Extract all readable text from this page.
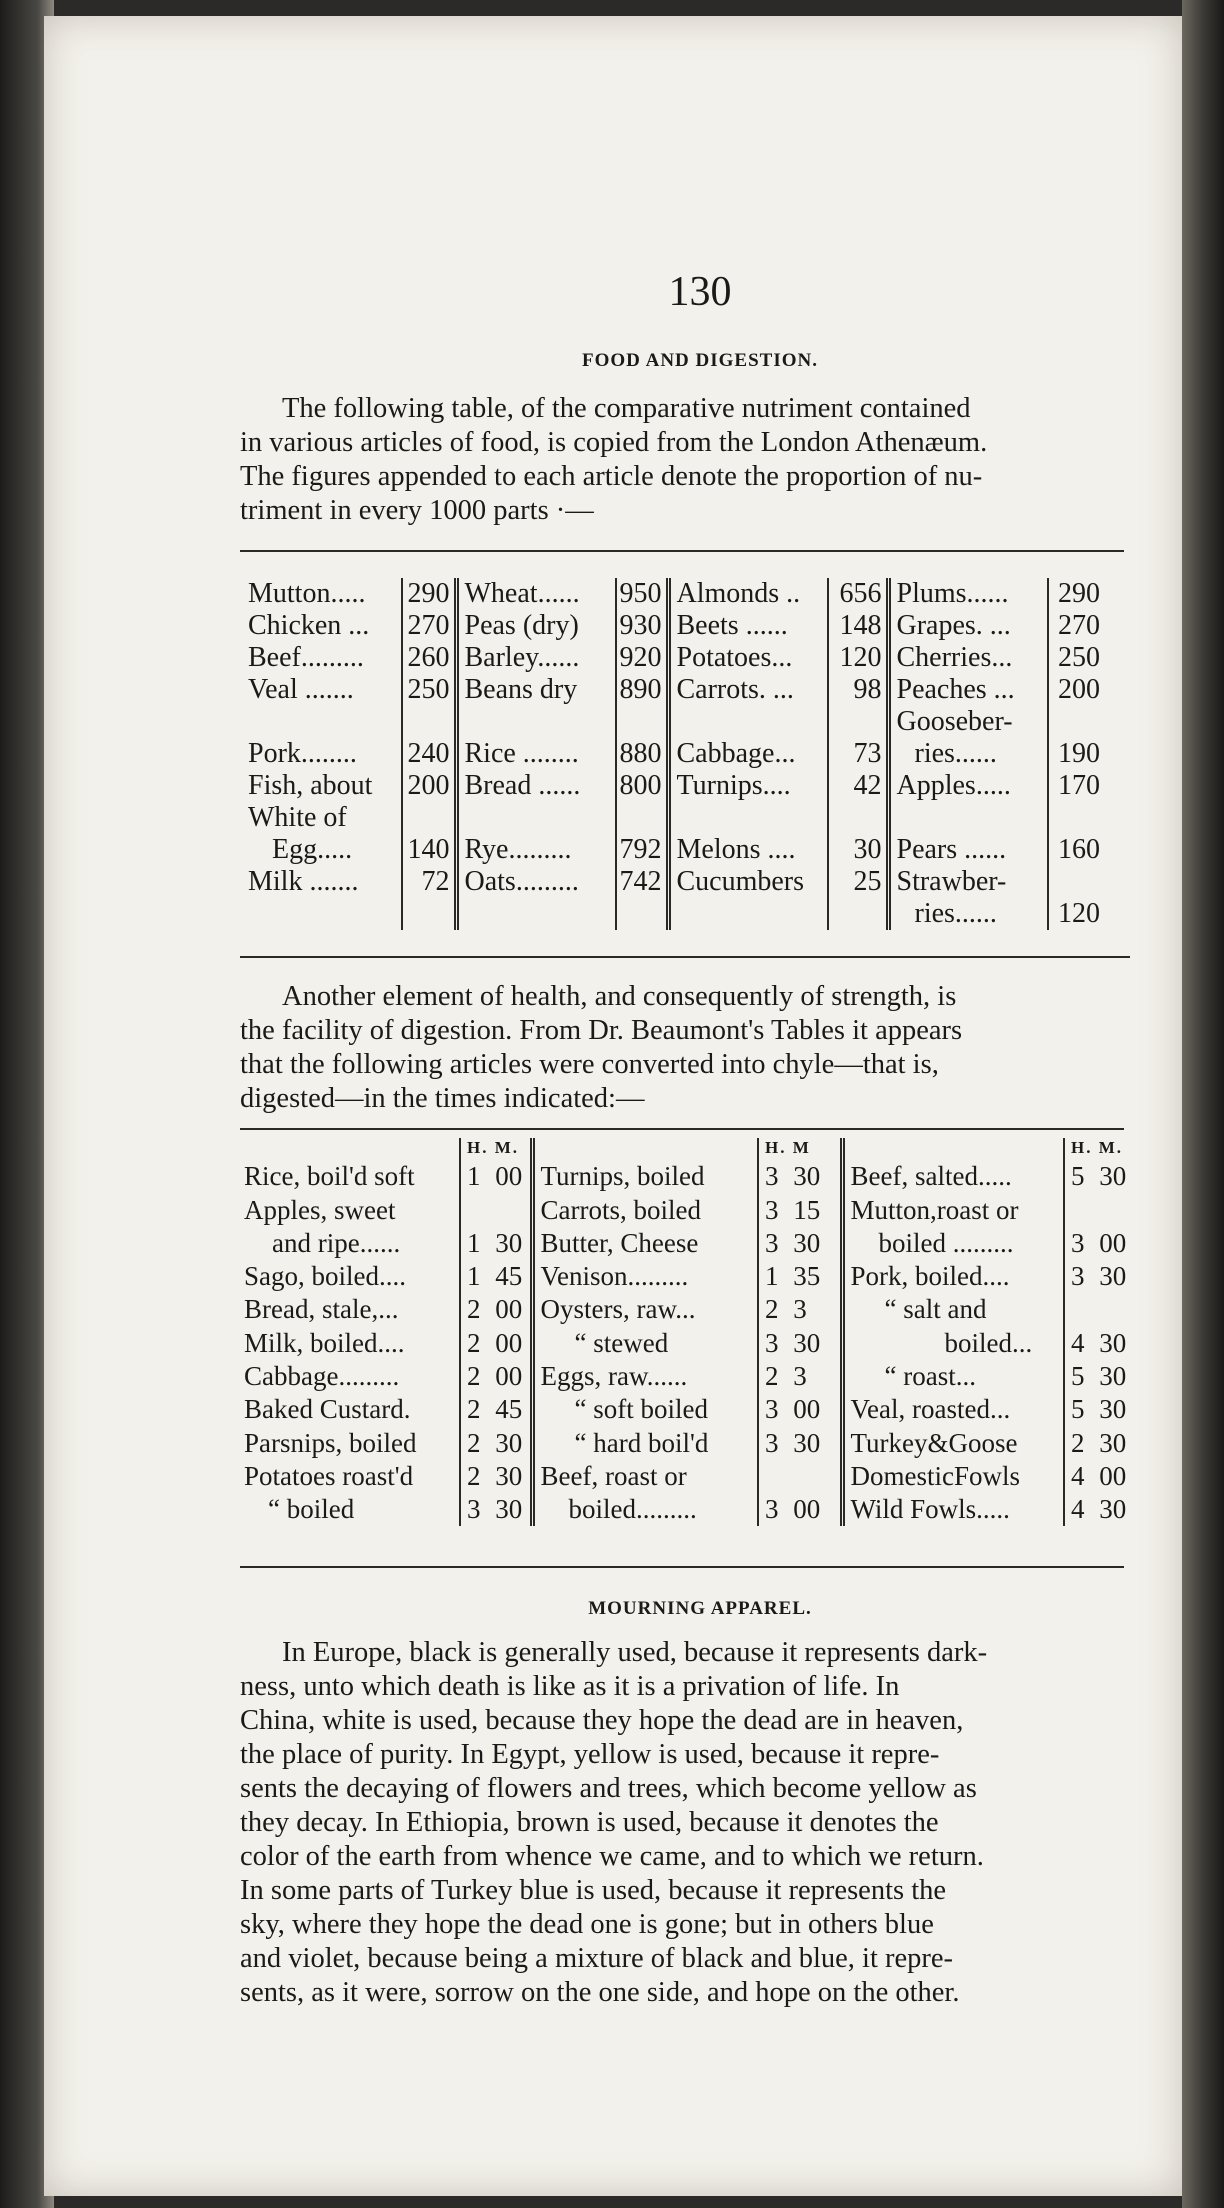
130
FOOD AND DIGESTION.
The following table, of the comparative nutriment contained
in various articles of food, is copied from the London Athenæum.
The figures appended to each article denote the proportion of nu-
triment in every 1000 parts ·—
Mutton.....	290	Wheat......	950	Almonds ..	656	Plums......	290
Chicken ...	270	Peas (dry)	930	Beets ......	148	Grapes. ...	270
Beef.........	260	Barley......	920	Potatoes...	120	Cherries...	250
Veal .......	250	Beans dry	890	Carrots. ...	98	Peaches ...	200
						Gooseber-	
Pork........	240	Rice ........	880	Cabbage...	73	ries......	190
Fish, about	200	Bread ......	800	Turnips....	42	Apples.....	170
White of							
Egg.....	140	Rye.........	792	Melons ....	30	Pears ......	160
Milk .......	72	Oats.........	742	Cucumbers	25	Strawber-	
						ries......	120
Another element of health, and consequently of strength, is
the facility of digestion. From Dr. Beaumont's Tables it appears
that the following articles were converted into chyle—that is,
digested—in the times indicated:—
	H. M.		H. M		H. M.
Rice, boil'd soft	1 00	Turnips, boiled	3 30	Beef, salted.....	5 30
Apples, sweet		Carrots, boiled	3 15	Mutton,roast or	
and ripe......	1 30	Butter, Cheese	3 30	boiled .........	3 00
Sago, boiled....	1 45	Venison.........	1 35	Pork, boiled....	3 30
Bread, stale,...	2 00	Oysters, raw...	2 3	“ salt and	
Milk, boiled....	2 00	“ stewed	3 30	boiled...	4 30
Cabbage.........	2 00	Eggs, raw......	2 3	“ roast...	5 30
Baked Custard.	2 45	“ soft boiled	3 00	Veal, roasted...	5 30
Parsnips, boiled	2 30	“ hard boil'd	3 30	Turkey&Goose	2 30
Potatoes roast'd	2 30	Beef, roast or		DomesticFowls	4 00
“ boiled	3 30	boiled.........	3 00	Wild Fowls.....	4 30
MOURNING APPAREL.
In Europe, black is generally used, because it represents dark-
ness, unto which death is like as it is a privation of life. In
China, white is used, because they hope the dead are in heaven,
the place of purity. In Egypt, yellow is used, because it repre-
sents the decaying of flowers and trees, which become yellow as
they decay. In Ethiopia, brown is used, because it denotes the
color of the earth from whence we came, and to which we return.
In some parts of Turkey blue is used, because it represents the
sky, where they hope the dead one is gone; but in others blue
and violet, because being a mixture of black and blue, it repre-
sents, as it were, sorrow on the one side, and hope on the other.
